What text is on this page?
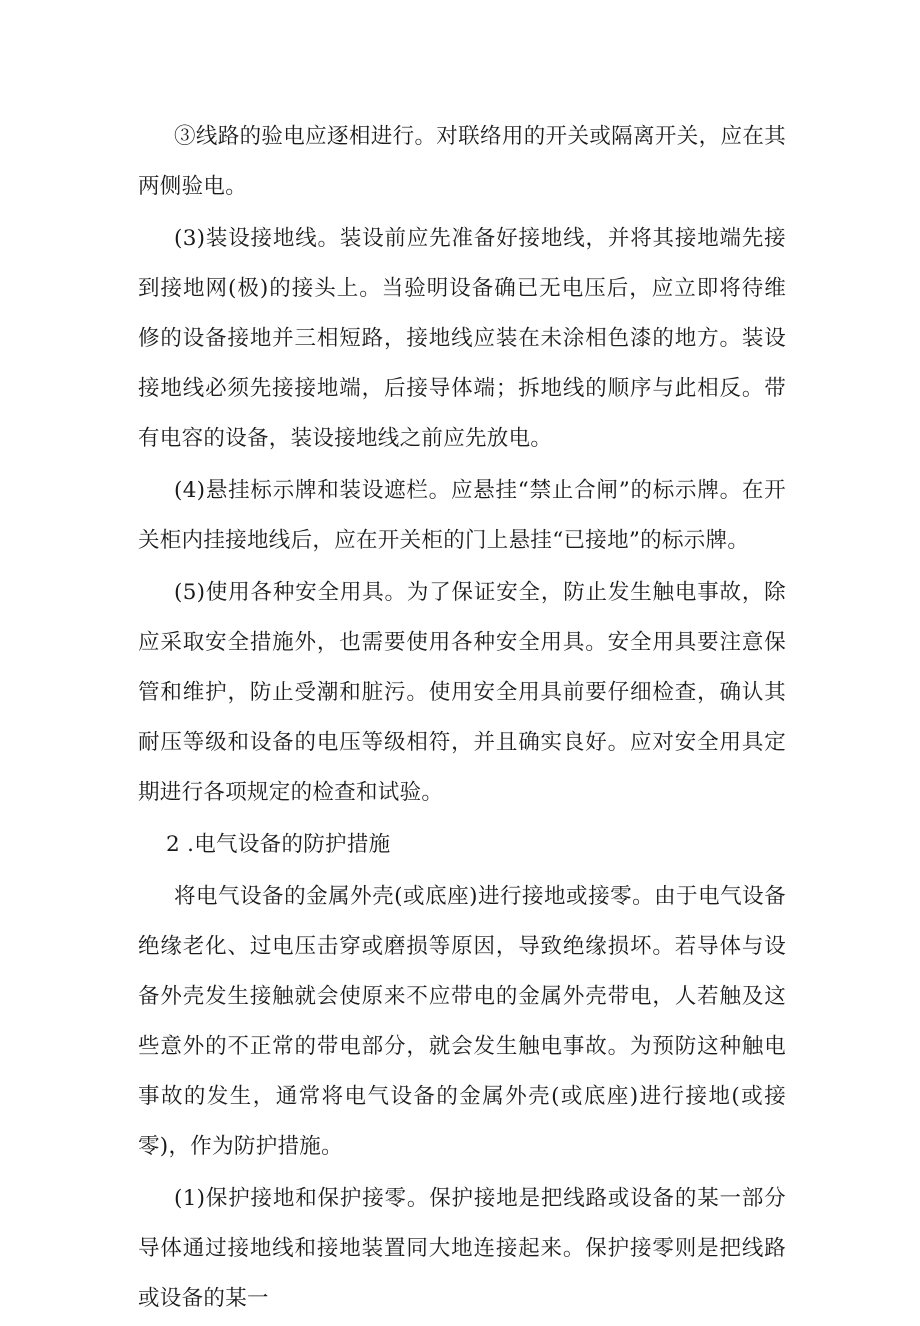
③线路的验电应逐相进行。对联络用的开关或隔离开关，应在其两侧验电。

(3)装设接地线。装设前应先准备好接地线，并将其接地端先接到接地网(极)的接头上。当验明设备确已无电压后，应立即将待维修的设备接地并三相短路，接地线应装在未涂相色漆的地方。装设接地线必须先接接地端，后接导体端；拆地线的顺序与此相反。带有电容的设备，装设接地线之前应先放电。

(4)悬挂标示牌和装设遮栏。应悬挂“禁止合闸”的标示牌。在开关柜内挂接地线后，应在开关柜的门上悬挂“已接地”的标示牌。

(5)使用各种安全用具。为了保证安全，防止发生触电事故，除应采取安全措施外，也需要使用各种安全用具。安全用具要注意保管和维护，防止受潮和脏污。使用安全用具前要仔细检查，确认其耐压等级和设备的电压等级相符，并且确实良好。应对安全用具定期进行各项规定的检查和试验。

2 .电气设备的防护措施

将电气设备的金属外壳(或底座)进行接地或接零。由于电气设备绝缘老化、过电压击穿或磨损等原因，导致绝缘损坏。若导体与设备外壳发生接触就会使原来不应带电的金属外壳带电，人若触及这些意外的不正常的带电部分，就会发生触电事故。为预防这种触电事故的发生，通常将电气设备的金属外壳(或底座)进行接地(或接零)，作为防护措施。

(1)保护接地和保护接零。保护接地是把线路或设备的某一部分导体通过接地线和接地装置同大地连接起来。保护接零则是把线路或设备的某一
